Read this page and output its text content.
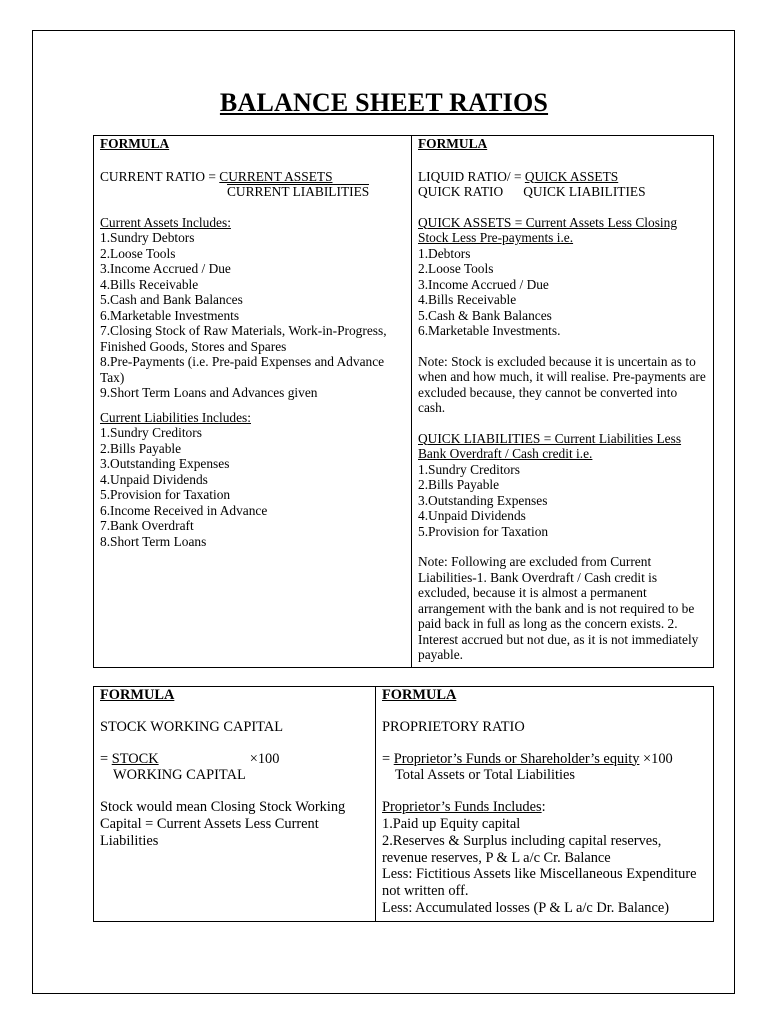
BALANCE SHEET RATIOS

FORMULA

CURRENT RATIO = CURRENT ASSETS
CURRENT LIABILITIES

Current Assets Includes:

1.Sundry Debtors

2.Loose Tools

3.Income Accrued / Due

4.Bills Receivable

5.Cash and Bank Balances

6.Marketable Investments

7.Closing Stock of Raw Materials, Work-in-Progress, Finished Goods, Stores and Spares

8.Pre-Payments (i.e. Pre-paid Expenses and Advance Tax)

9.Short Term Loans and Advances given

Current Liabilities Includes:

1.Sundry Creditors

2.Bills Payable

3.Outstanding Expenses

4.Unpaid Dividends

5.Provision for Taxation

6.Income Received in Advance

7.Bank Overdraft

8.Short Term Loans

FORMULA

LIQUID RATIO/ = QUICK ASSETS
QUICK RATIO QUICK LIABILITIES

QUICK ASSETS = Current Assets Less Closing Stock Less Pre-payments i.e.

1.Debtors

2.Loose Tools

3.Income Accrued / Due

4.Bills Receivable

5.Cash & Bank Balances

6.Marketable Investments.

Note: Stock is excluded because it is uncertain as to when and how much, it will realise. Pre-payments are excluded because, they cannot be converted into cash.

QUICK LIABILITIES = Current Liabilities Less Bank Overdraft / Cash credit i.e.

1.Sundry Creditors

2.Bills Payable

3.Outstanding Expenses

4.Unpaid Dividends

5.Provision for Taxation

Note: Following are excluded from Current Liabilities-1. Bank Overdraft / Cash credit is excluded, because it is almost a permanent arrangement with the bank and is not required to be paid back in full as long as the concern exists. 2. Interest accrued but not due, as it is not immediately payable.

FORMULA

STOCK WORKING CAPITAL

= STOCK	×100
WORKING CAPITAL

Stock would mean Closing Stock Working Capital = Current Assets Less Current Liabilities

FORMULA

PROPRIETORY RATIO

= Proprietor’s Funds or Shareholder’s equity ×100
Total Assets or Total Liabilities

Proprietor’s Funds Includes:

1.Paid up Equity capital

2.Reserves & Surplus including capital reserves, revenue reserves, P & L a/c Cr. Balance

Less: Fictitious Assets like Miscellaneous Expenditure not written off.

Less: Accumulated losses (P & L a/c Dr. Balance)
